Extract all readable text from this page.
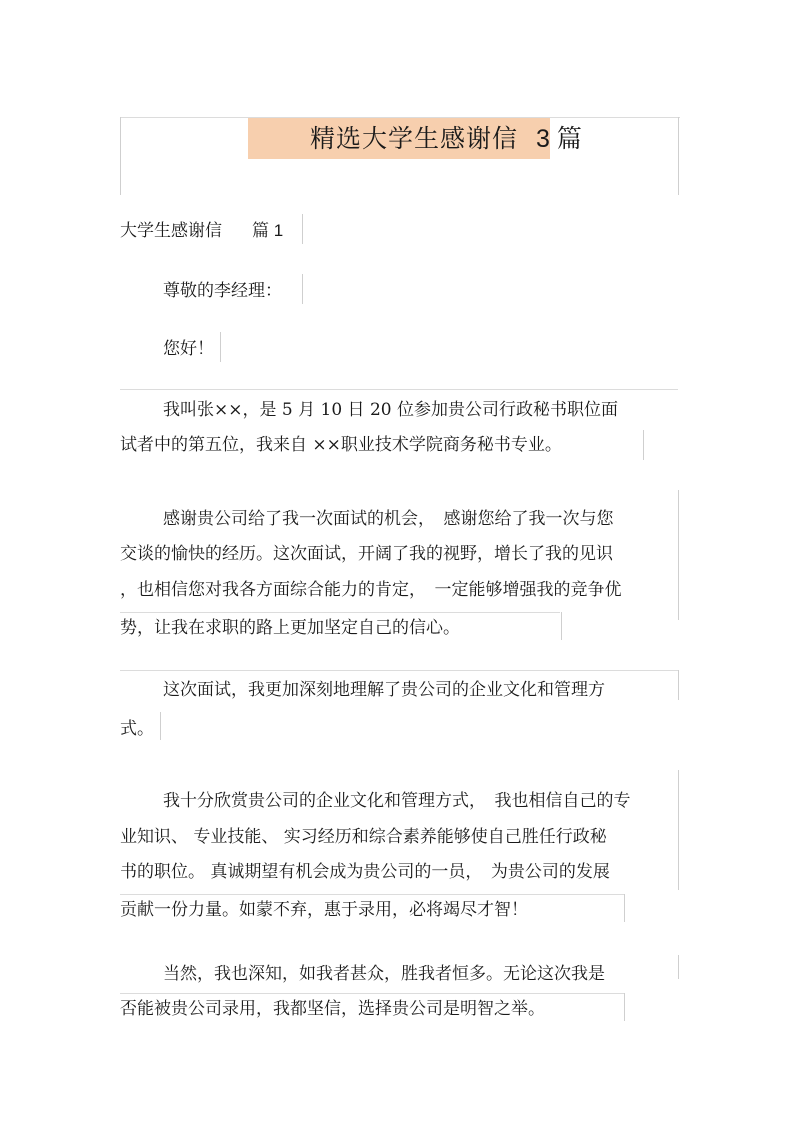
精选大学生感谢信 3 篇
大学生感谢信 篇 1
尊敬的李经理：
您好！
我叫张××，是 5 月 10 日 20 位参加贵公司行政秘书职位面
试者中的第五位，我来自 ××职业技术学院商务秘书专业。
感谢贵公司给了我一次面试的机会，　感谢您给了我一次与您
交谈的愉快的经历。这次面试，开阔了我的视野，增长了我的见识
，也相信您对我各方面综合能力的肯定，　一定能够增强我的竞争优
势，让我在求职的路上更加坚定自己的信心。
这次面试，我更加深刻地理解了贵公司的企业文化和管理方
式。
我十分欣赏贵公司的企业文化和管理方式，　我也相信自己的专
业知识、 专业技能、 实习经历和综合素养能够使自己胜任行政秘
书的职位。 真诚期望有机会成为贵公司的一员，　为贵公司的发展
贡献一份力量。如蒙不弃，惠于录用，必将竭尽才智！
当然，我也深知，如我者甚众，胜我者恒多。无论这次我是
否能被贵公司录用，我都坚信，选择贵公司是明智之举。
